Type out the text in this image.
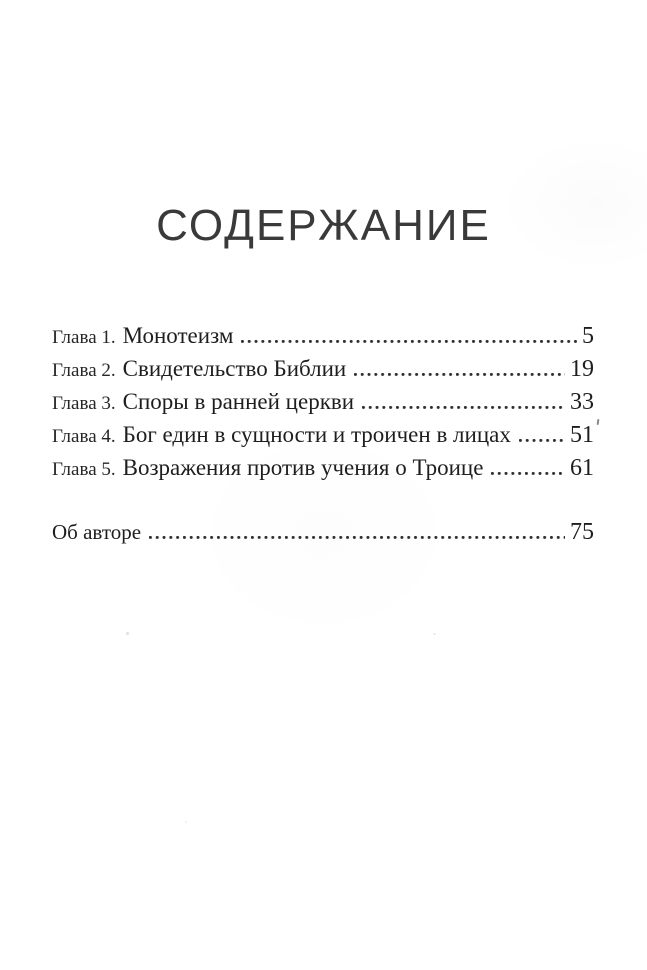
СОДЕРЖАНИЕ
Глава 1. Монотеизм	5
Глава 2. Свидетельство Библии	19
Глава 3. Споры в ранней церкви	33
Глава 4. Бог един в сущности и троичен в лицах 51
Глава 5. Возражения против учения о Троице	61
Об авторе	75
